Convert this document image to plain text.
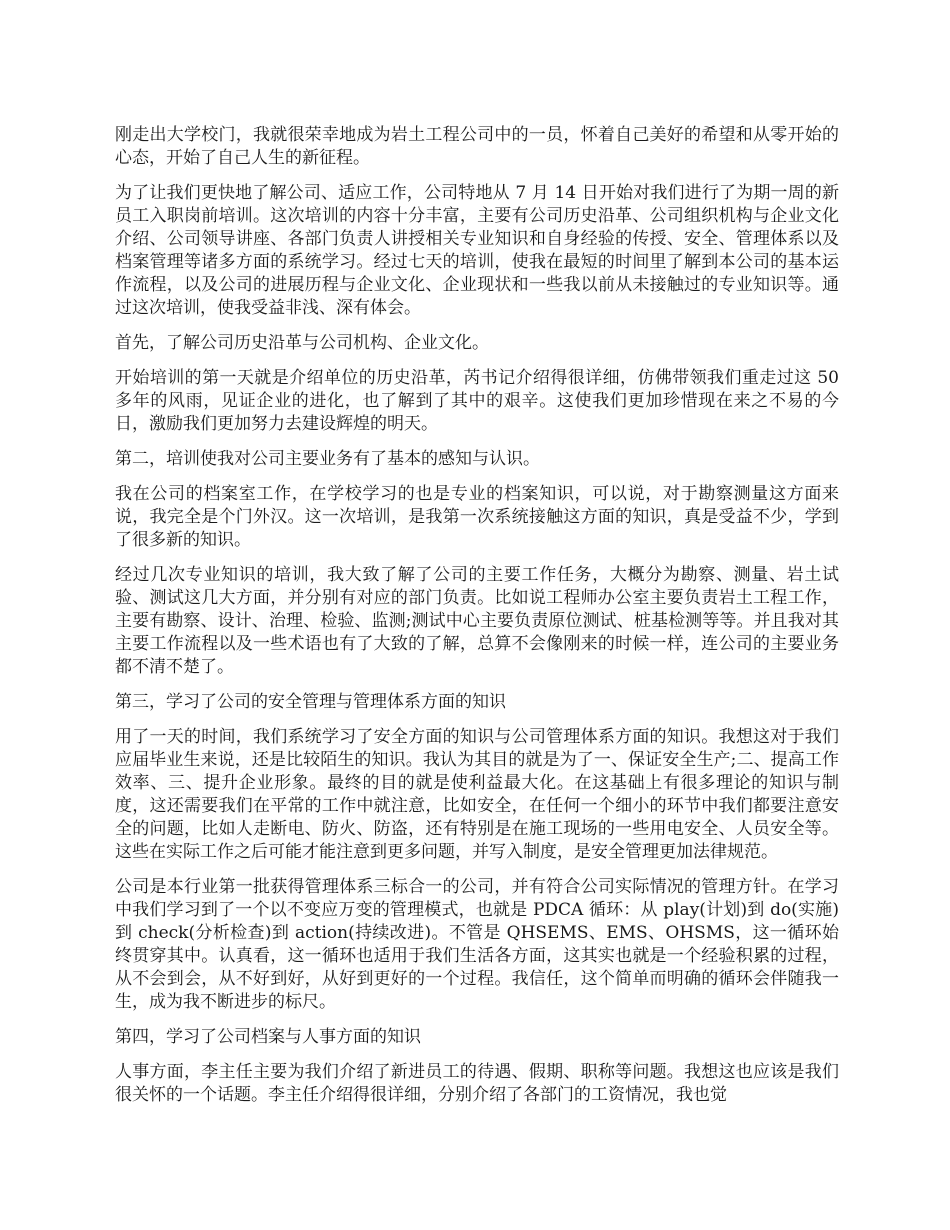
刚走出大学校门，我就很荣幸地成为岩土工程公司中的一员，怀着自己美好的希望和从零开始的心态，开始了自己人生的新征程。

为了让我们更快地了解公司、适应工作，公司特地从 7 月 14 日开始对我们进行了为期一周的新员工入职岗前培训。这次培训的内容十分丰富，主要有公司历史沿革、公司组织机构与企业文化介绍、公司领导讲座、各部门负责人讲授相关专业知识和自身经验的传授、安全、管理体系以及档案管理等诸多方面的系统学习。经过七天的培训，使我在最短的时间里了解到本公司的基本运作流程，以及公司的进展历程与企业文化、企业现状和一些我以前从未接触过的专业知识等。通过这次培训，使我受益非浅、深有体会。

首先，了解公司历史沿革与公司机构、企业文化。

开始培训的第一天就是介绍单位的历史沿革，芮书记介绍得很详细，仿佛带领我们重走过这 50 多年的风雨，见证企业的进化，也了解到了其中的艰辛。这使我们更加珍惜现在来之不易的今日，激励我们更加努力去建设辉煌的明天。

第二，培训使我对公司主要业务有了基本的感知与认识。

我在公司的档案室工作，在学校学习的也是专业的档案知识，可以说，对于勘察测量这方面来说，我完全是个门外汉。这一次培训，是我第一次系统接触这方面的知识，真是受益不少，学到了很多新的知识。

经过几次专业知识的培训，我大致了解了公司的主要工作任务，大概分为勘察、测量、岩土试验、测试这几大方面，并分别有对应的部门负责。比如说工程师办公室主要负责岩土工程工作，主要有勘察、设计、治理、检验、监测;测试中心主要负责原位测试、桩基检测等等。并且我对其主要工作流程以及一些术语也有了大致的了解，总算不会像刚来的时候一样，连公司的主要业务都不清不楚了。

第三，学习了公司的安全管理与管理体系方面的知识

用了一天的时间，我们系统学习了安全方面的知识与公司管理体系方面的知识。我想这对于我们应届毕业生来说，还是比较陌生的知识。我认为其目的就是为了一、保证安全生产;二、提高工作效率、三、提升企业形象。最终的目的就是使利益最大化。在这基础上有很多理论的知识与制度，这还需要我们在平常的工作中就注意，比如安全，在任何一个细小的环节中我们都要注意安全的问题，比如人走断电、防火、防盗，还有特别是在施工现场的一些用电安全、人员安全等。这些在实际工作之后可能才能注意到更多问题，并写入制度，是安全管理更加法律规范。

公司是本行业第一批获得管理体系三标合一的公司，并有符合公司实际情况的管理方针。在学习中我们学习到了一个以不变应万变的管理模式，也就是 PDCA 循环：从 play(计划)到 do(实施)到 check(分析检查)到 action(持续改进)。不管是 QHSEMS、EMS、OHSMS，这一循环始终贯穿其中。认真看，这一循环也适用于我们生活各方面，这其实也就是一个经验积累的过程，从不会到会，从不好到好，从好到更好的一个过程。我信任，这个简单而明确的循环会伴随我一生，成为我不断进步的标尺。

第四，学习了公司档案与人事方面的知识

人事方面，李主任主要为我们介绍了新进员工的待遇、假期、职称等问题。我想这也应该是我们很关怀的一个话题。李主任介绍得很详细，分别介绍了各部门的工资情况，我也觉
